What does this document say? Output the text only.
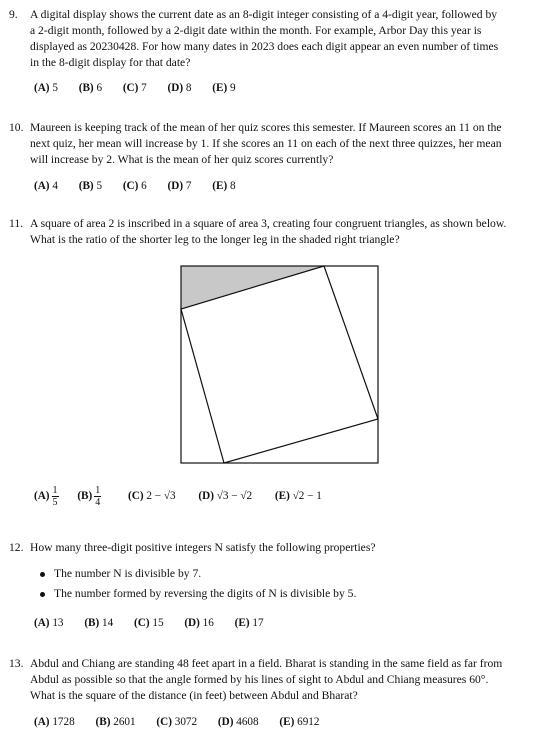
9.	A digital display shows the current date as an 8-digit integer consisting of a 4-digit year, followed by
a 2-digit month, followed by a 2-digit date within the month. For example, Arbor Day this year is
displayed as 20230428. For how many dates in 2023 does each digit appear an even number of times
in the 8-digit display for that date?
(A) 5 (B) 6 (C) 7 (D) 8 (E) 9
10. Maureen is keeping track of the mean of her quiz scores this semester. If Maureen scores an 11 on the
next quiz, her mean will increase by 1. If she scores an 11 on each of the next three quizzes, her mean
will increase by 2. What is the mean of her quiz scores currently?
(A) 4 (B) 5 (C) 6 (D) 7 (E) 8
11. A square of area 2 is inscribed in a square of area 3, creating four congruent triangles, as shown below.
What is the ratio of the shorter leg to the longer leg in the shaded right triangle?
$(A) \frac{1}{5} (B) \frac{1}{4} (C) 2 - √3$ (D) √3 − √2 (E) √2 − 1
12. How many three-digit positive integers N satisfy the following properties?
The number N is divisible by 7.
The number formed by reversing the digits of N is divisible by 5.
(A) 13 (B) 14 (C) 15 (D) 16 (E) 17
13. Abdul and Chiang are standing 48 feet apart in a field. Bharat is standing in the same field as far from
Abdul as possible so that the angle formed by his lines of sight to Abdul and Chiang measures 60°.
What is the square of the distance (in feet) between Abdul and Bharat?
(A) 1728 (B) 2601 (C) 3072 (D) 4608 (E) 6912
